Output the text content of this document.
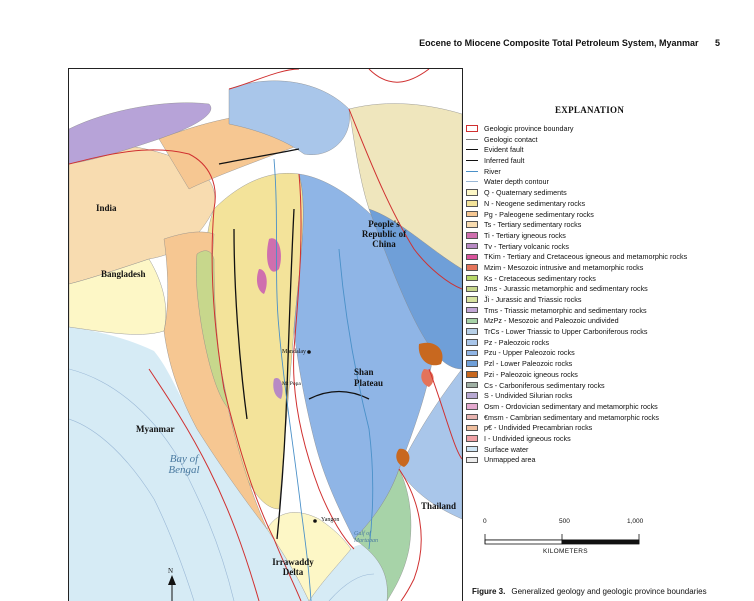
Eocene to Miocene Composite Total Petroleum System, Myanmar 5
India
Bangladesh
People's Republic of China
Myanmar
Shan Plateau
Thailand
Bay of Bengal
Irrawaddy Delta
Gulf of Martaban
Mandalay
Yangon
Mt Popa
N
EXPLANATION
Geologic province boundary
Geologic contact
Evident fault
Inferred fault
River
Water depth contour
Q - Quaternary sediments
N - Neogene sedimentary rocks
Pg - Paleogene sedimentary rocks
Ts - Tertiary sedimentary rocks
Ti - Tertiary igneous rocks
Tv - Tertiary volcanic rocks
TKim - Tertiary and Cretaceous igneous and metamorphic rocks
Mzim - Mesozoic intrusive and metamorphic rocks
Ks - Cretaceous sedimentary rocks
Jms - Jurassic metamorphic and sedimentary rocks
J̆i - Jurassic and Triassic rocks
Tms - Triassic metamorphic and sedimentary rocks
MzPz - Mesozoic and Paleozoic undivided
TrCs - Lower Triassic to Upper Carboniferous rocks
Pz - Paleozoic rocks
Pzu - Upper Paleozoic rocks
Pzl - Lower Paleozoic rocks
Pzi - Paleozoic igneous rocks
Cs - Carboniferous sedimentary rocks
S - Undivided Silurian rocks
Osm - Ordovician sedimentary and metamorphic rocks
€msm - Cambrian sedimentary and metamorphic rocks
p€ - Undivided Precambrian rocks
I - Undivided igneous rocks
Surface water
Unmapped area
0	500	1,000
KILOMETERS
Figure 3. Generalized geology and geologic province boundaries
